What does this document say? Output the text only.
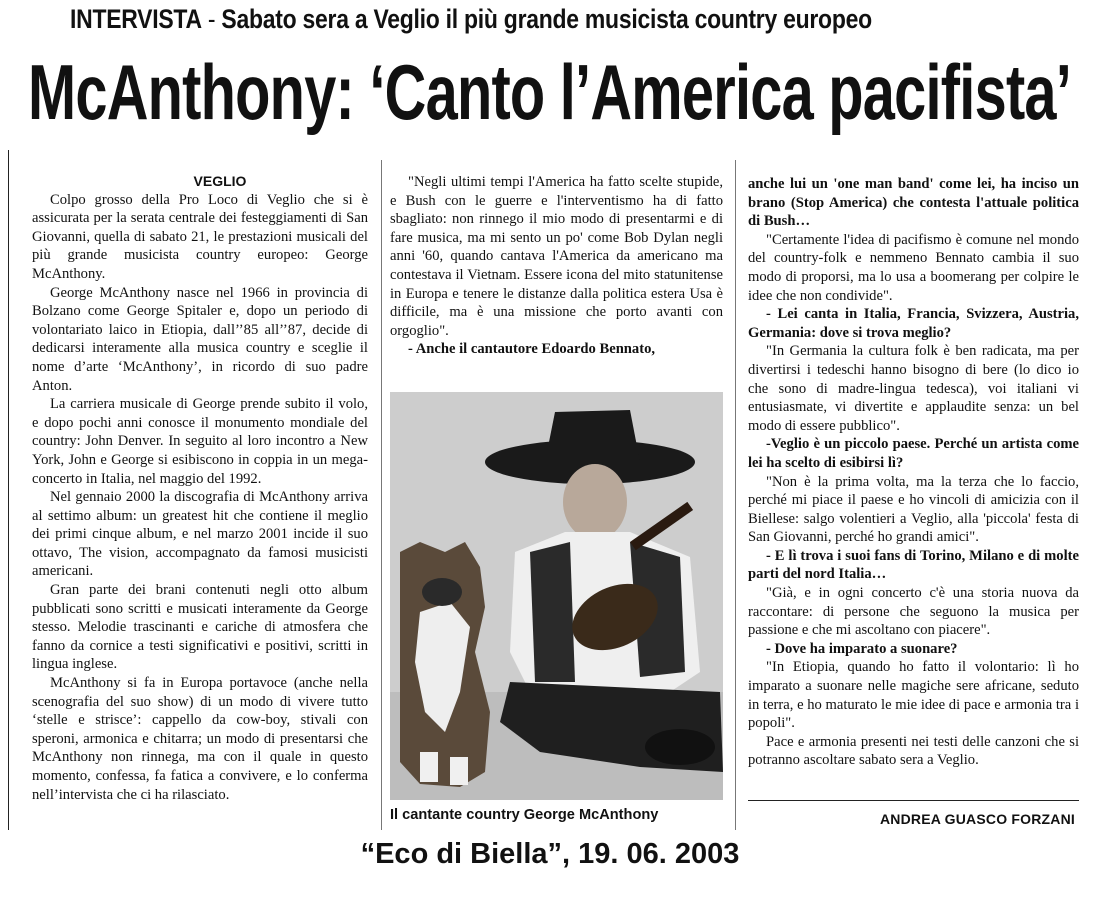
INTERVISTA - Sabato sera a Veglio il più grande musicista country europeo
McAnthony: ‘Canto l’America pacifista’

VEGLIO

Colpo grosso della Pro Loco di Veglio che si è assicurata per la serata centrale dei festeggiamenti di San Giovanni, quella di sabato 21, le prestazioni musicali del più grande musicista country europeo: George McAnthony.

George McAnthony nasce nel 1966 in provincia di Bolzano come George Spitaler e, dopo un periodo di volontariato laico in Etiopia, dall’’85 all’’87, decide di dedicarsi interamente alla musica country e sceglie il nome d’arte ‘McAnthony’, in ricordo di suo padre Anton.

La carriera musicale di George prende subito il volo, e dopo pochi anni conosce il monumento mondiale del country: John Denver. In seguito al loro incontro a New York, John e George si esibiscono in coppia in un mega-concerto in Italia, nel maggio del 1992.

Nel gennaio 2000 la discografia di McAnthony arriva al settimo album: un greatest hit che contiene il meglio dei primi cinque album, e nel marzo 2001 incide il suo ottavo, The vision, accompagnato da famosi musicisti americani.

Gran parte dei brani contenuti negli otto album pubblicati sono scritti e musicati interamente da George stesso. Melodie trascinanti e cariche di atmosfera che fanno da cornice a testi significativi e positivi, scritti in lingua inglese.

McAnthony si fa in Europa portavoce (anche nella scenografia del suo show) di un modo di vivere tutto ‘stelle e strisce’: cappello da cow-boy, stivali con speroni, armonica e chitarra; un modo di presentarsi che McAnthony non rinnega, ma con il quale in questo momento, confessa, fa fatica a convivere, e lo conferma nell’intervista che ci ha rilasciato.

"Negli ultimi tempi l'America ha fatto scelte stupide, e Bush con le guerre e l'interventismo ha di fatto sbagliato: non rinnego il mio modo di presentarmi e di fare musica, ma mi sento un po' come Bob Dylan negli anni '60, quando cantava l'America da americano ma contestava il Vietnam. Essere icona del mito statunitense in Europa e tenere le distanze dalla politica estera Usa è difficile, ma è una missione che porto avanti con orgoglio".

- Anche il cantautore Edoardo Bennato,

Il cantante country George McAnthony

anche lui un 'one man band' come lei, ha inciso un brano (Stop America) che contesta l'attuale politica di Bush…

"Certamente l'idea di pacifismo è comune nel mondo del country-folk e nemmeno Bennato cambia il suo modo di proporsi, ma lo usa a boomerang per colpire le idee che non condivide".

- Lei canta in Italia, Francia, Svizzera, Austria, Germania: dove si trova meglio?

"In Germania la cultura folk è ben radicata, ma per divertirsi i tedeschi hanno bisogno di bere (lo dico io che sono di madre-lingua tedesca), voi italiani vi entusiasmate, vi divertite e applaudite senza: un bel modo di essere pubblico".

-Veglio è un piccolo paese. Perché un artista come lei ha scelto di esibirsi lì?

"Non è la prima volta, ma la terza che lo faccio, perché mi piace il paese e ho vincoli di amicizia con il Biellese: salgo volentieri a Veglio, alla 'piccola' festa di San Giovanni, perché ho grandi amici".

- E lì trova i suoi fans di Torino, Milano e di molte parti del nord Italia…

"Già, e in ogni concerto c'è una storia nuova da raccontare: di persone che seguono la musica per passione e che mi ascoltano con piacere".

- Dove ha imparato a suonare?

"In Etiopia, quando ho fatto il volontario: lì ho imparato a suonare nelle magiche sere africane, seduto in terra, e ho maturato le mie idee di pace e armonia tra i popoli".

Pace e armonia presenti nei testi delle canzoni che si potranno ascoltare sabato sera a Veglio.

ANDREA GUASCO FORZANI
“Eco di Biella”, 19. 06. 2003
